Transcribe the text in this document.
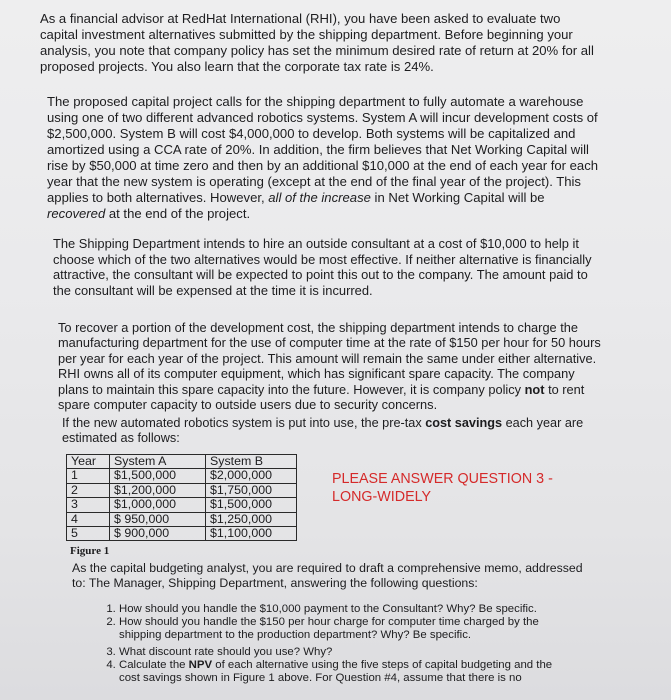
As a financial advisor at RedHat International (RHI), you have been asked to evaluate two
capital investment alternatives submitted by the shipping department. Before beginning your
analysis, you note that company policy has set the minimum desired rate of return at 20% for all
proposed projects. You also learn that the corporate tax rate is 24%.

The proposed capital project calls for the shipping department to fully automate a warehouse
using one of two different advanced robotics systems. System A will incur development costs of
$2,500,000. System B will cost $4,000,000 to develop. Both systems will be capitalized and
amortized using a CCA rate of 20%. In addition, the firm believes that Net Working Capital will
rise by $50,000 at time zero and then by an additional $10,000 at the end of each year for each
year that the new system is operating (except at the end of the final year of the project). This
applies to both alternatives. However, all of the increase in Net Working Capital will be
recovered at the end of the project.

The Shipping Department intends to hire an outside consultant at a cost of $10,000 to help it
choose which of the two alternatives would be most effective. If neither alternative is financially
attractive, the consultant will be expected to point this out to the company. The amount paid to
the consultant will be expensed at the time it is incurred.

To recover a portion of the development cost, the shipping department intends to charge the
manufacturing department for the use of computer time at the rate of $150 per hour for 50 hours
per year for each year of the project. This amount will remain the same under either alternative.
RHI owns all of its computer equipment, which has significant spare capacity. The company
plans to maintain this spare capacity into the future. However, it is company policy not to rent
spare computer capacity to outside users due to security concerns.

If the new automated robotics system is put into use, the pre-tax cost savings each year are
estimated as follows:

Year	System A	System B
1	$1,500,000	$2,000,000
2	$1,200,000	$1,750,000
3	$1,000,000	$1,500,000
4	$ 950,000	$1,250,000
5	$ 900,000	$1,100,000
Figure 1
PLEASE ANSWER QUESTION 3 -
LONG-WIDELY

As the capital budgeting analyst, you are required to draft a comprehensive memo, addressed
to: The Manager, Shipping Department, answering the following questions:

1. How should you handle the $10,000 payment to the Consultant? Why? Be specific.
2. How should you handle the $150 per hour charge for computer time charged by the
shipping department to the production department? Why? Be specific.
3. What discount rate should you use? Why?
4. Calculate the NPV of each alternative using the five steps of capital budgeting and the
cost savings shown in Figure 1 above. For Question #4, assume that there is no
